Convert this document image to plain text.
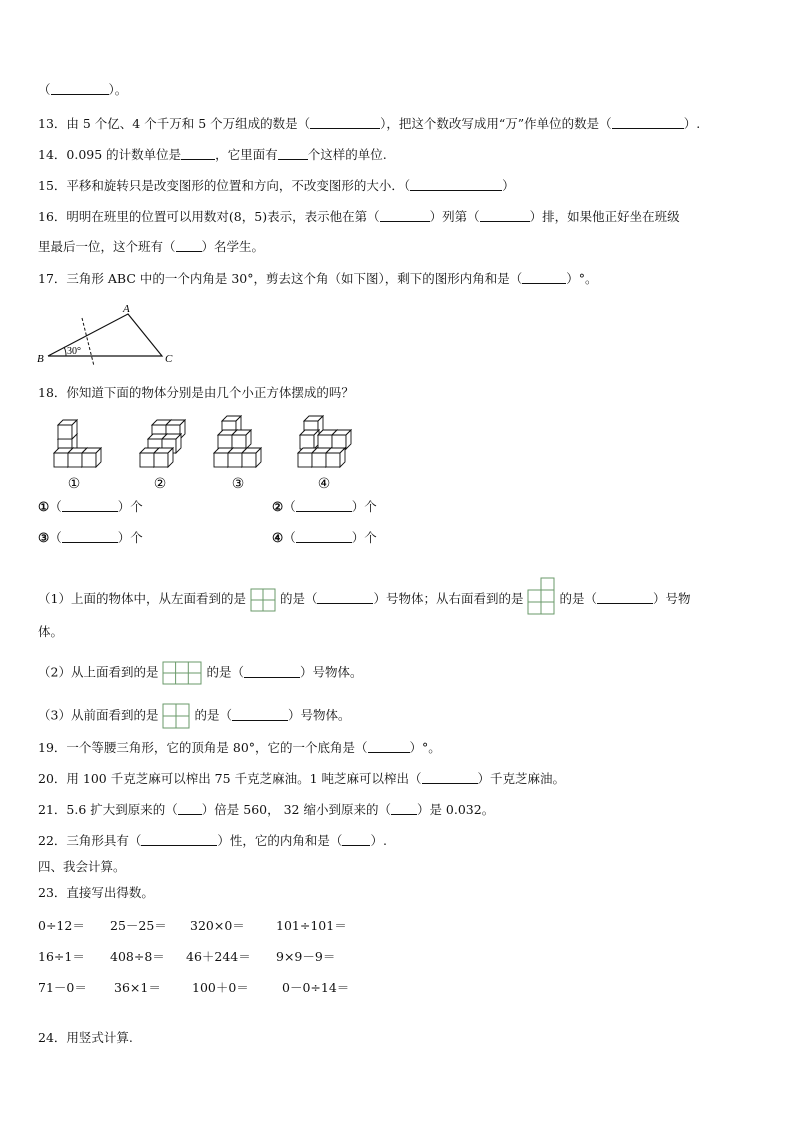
（	）。
13．由 5 个亿、4 个千万和 5 个万组成的数是（	），把这个数改写成用“万”作单位的数是（	）.
14．0.095 的计数单位是	，它里面有 个这样的单位.
15．平移和旋转只是改变图形的位置和方向，不改变图形的大小．（	）
16．明明在班里的位置可以用数对(8，5)表示，表示他在第（	）列第（	）排，如果他正好坐在班级
里最后一位，这个班有（ ）名学生。
17．三角形 ABC 中的一个内角是 30°，剪去这个角（如下图），剩下的图形内角和是（	）°。
A
B	C
30°
18．你知道下面的物体分别是由几个小正方体摆成的吗？
①	②	③	④
①（	）个	②（	）个
③（	）个	④（	）个
（1）上面的物体中，从左面看到的是	的是（	）号物体；从右面看到的是	的是（	）号物
体。
（2）从上面看到的是	的是（	）号物体。
（3）从前面看到的是	的是（	）号物体。
19．一个等腰三角形，它的顶角是 80°，它的一个底角是（	）°。
20．用 100 千克芝麻可以榨出 75 千克芝麻油。1 吨芝麻可以榨出（	）千克芝麻油。
21．5.6 扩大到原来的（ ）倍是 560， 32 缩小到原来的（ ）是 0.032。
22．三角形具有（	）性，它的内角和是（ ）.
四、我会计算。
23．直接写出得数。
0÷12＝ 25－25＝ 320×0＝ 101÷101＝
16÷1＝ 408÷8＝ 46＋244＝ 9×9－9＝
71－0＝ 36×1＝ 100＋0＝	0－0÷14＝
24．用竖式计算.
